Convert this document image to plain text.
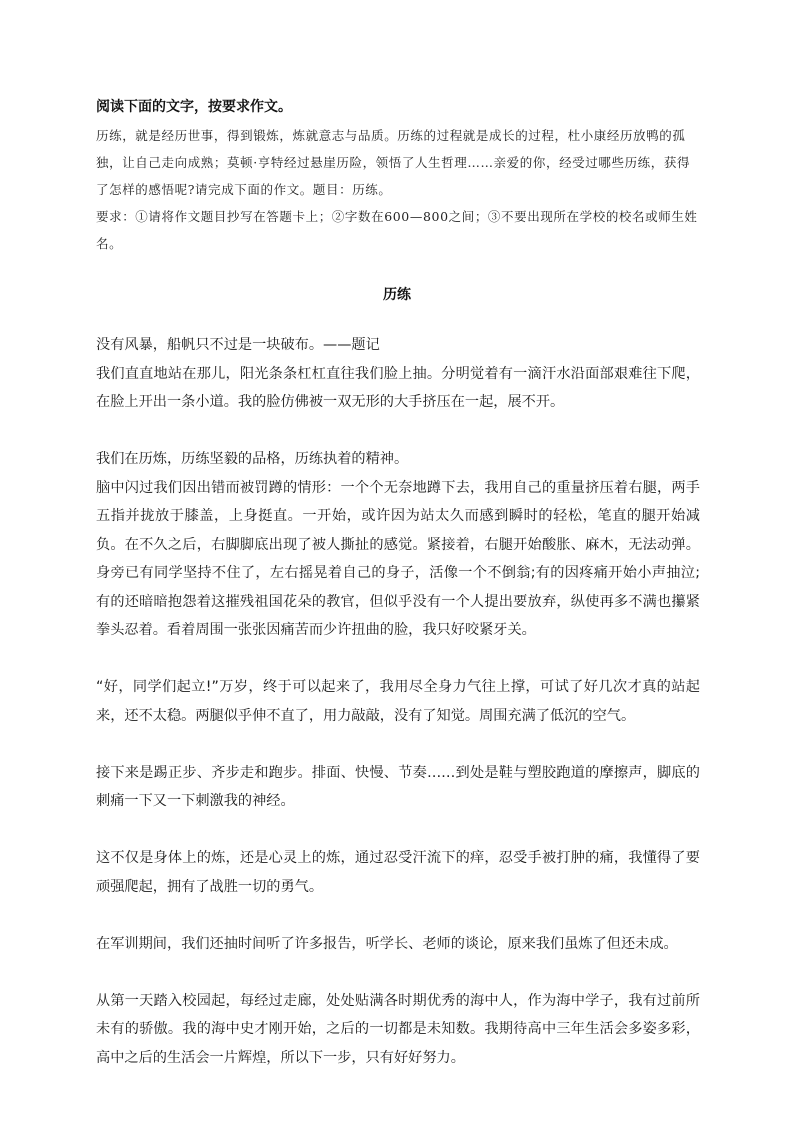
阅读下面的文字，按要求作文。
历练，就是经历世事，得到锻炼，炼就意志与品质。历练的过程就是成长的过程，杜小康经历放鸭的孤独，让自己走向成熟；莫顿·亨特经过悬崖历险，领悟了人生哲理……亲爱的你，经受过哪些历练，获得了怎样的感悟呢?请完成下面的作文。题目：历练。
要求：①请将作文题目抄写在答题卡上；②字数在600—800之间；③不要出现所在学校的校名或师生姓名。
历练

没有风暴，船帆只不过是一块破布。——题记

我们直直地站在那儿，阳光条条杠杠直往我们脸上抽。分明觉着有一滴汗水沿面部艰难往下爬，在脸上开出一条小道。我的脸仿佛被一双无形的大手挤压在一起，展不开。

我们在历炼，历练坚毅的品格，历练执着的精神。

脑中闪过我们因出错而被罚蹲的情形：一个个无奈地蹲下去，我用自己的重量挤压着右腿，两手五指并拢放于膝盖，上身挺直。一开始，或许因为站太久而感到瞬时的轻松，笔直的腿开始减负。在不久之后，右脚脚底出现了被人撕扯的感觉。紧接着，右腿开始酸胀、麻木，无法动弹。身旁已有同学坚持不住了，左右摇晃着自己的身子，活像一个不倒翁;有的因疼痛开始小声抽泣;有的还暗暗抱怨着这摧残祖国花朵的教官，但似乎没有一个人提出要放弃，纵使再多不满也攥紧拳头忍着。看着周围一张张因痛苦而少许扭曲的脸，我只好咬紧牙关。

“好，同学们起立!”万岁，终于可以起来了，我用尽全身力气往上撑，可试了好几次才真的站起来，还不太稳。两腿似乎伸不直了，用力敲敲，没有了知觉。周围充满了低沉的空气。

接下来是踢正步、齐步走和跑步。排面、快慢、节奏……到处是鞋与塑胶跑道的摩擦声，脚底的刺痛一下又一下刺激我的神经。

这不仅是身体上的炼，还是心灵上的炼，通过忍受汗流下的痒，忍受手被打肿的痛，我懂得了要顽强爬起，拥有了战胜一切的勇气。

在军训期间，我们还抽时间听了许多报告，听学长、老师的谈论，原来我们虽炼了但还未成。

从第一天踏入校园起，每经过走廊，处处贴满各时期优秀的海中人，作为海中学子，我有过前所未有的骄傲。我的海中史才刚开始，之后的一切都是未知数。我期待高中三年生活会多姿多彩，高中之后的生活会一片辉煌，所以下一步，只有好好努力。
